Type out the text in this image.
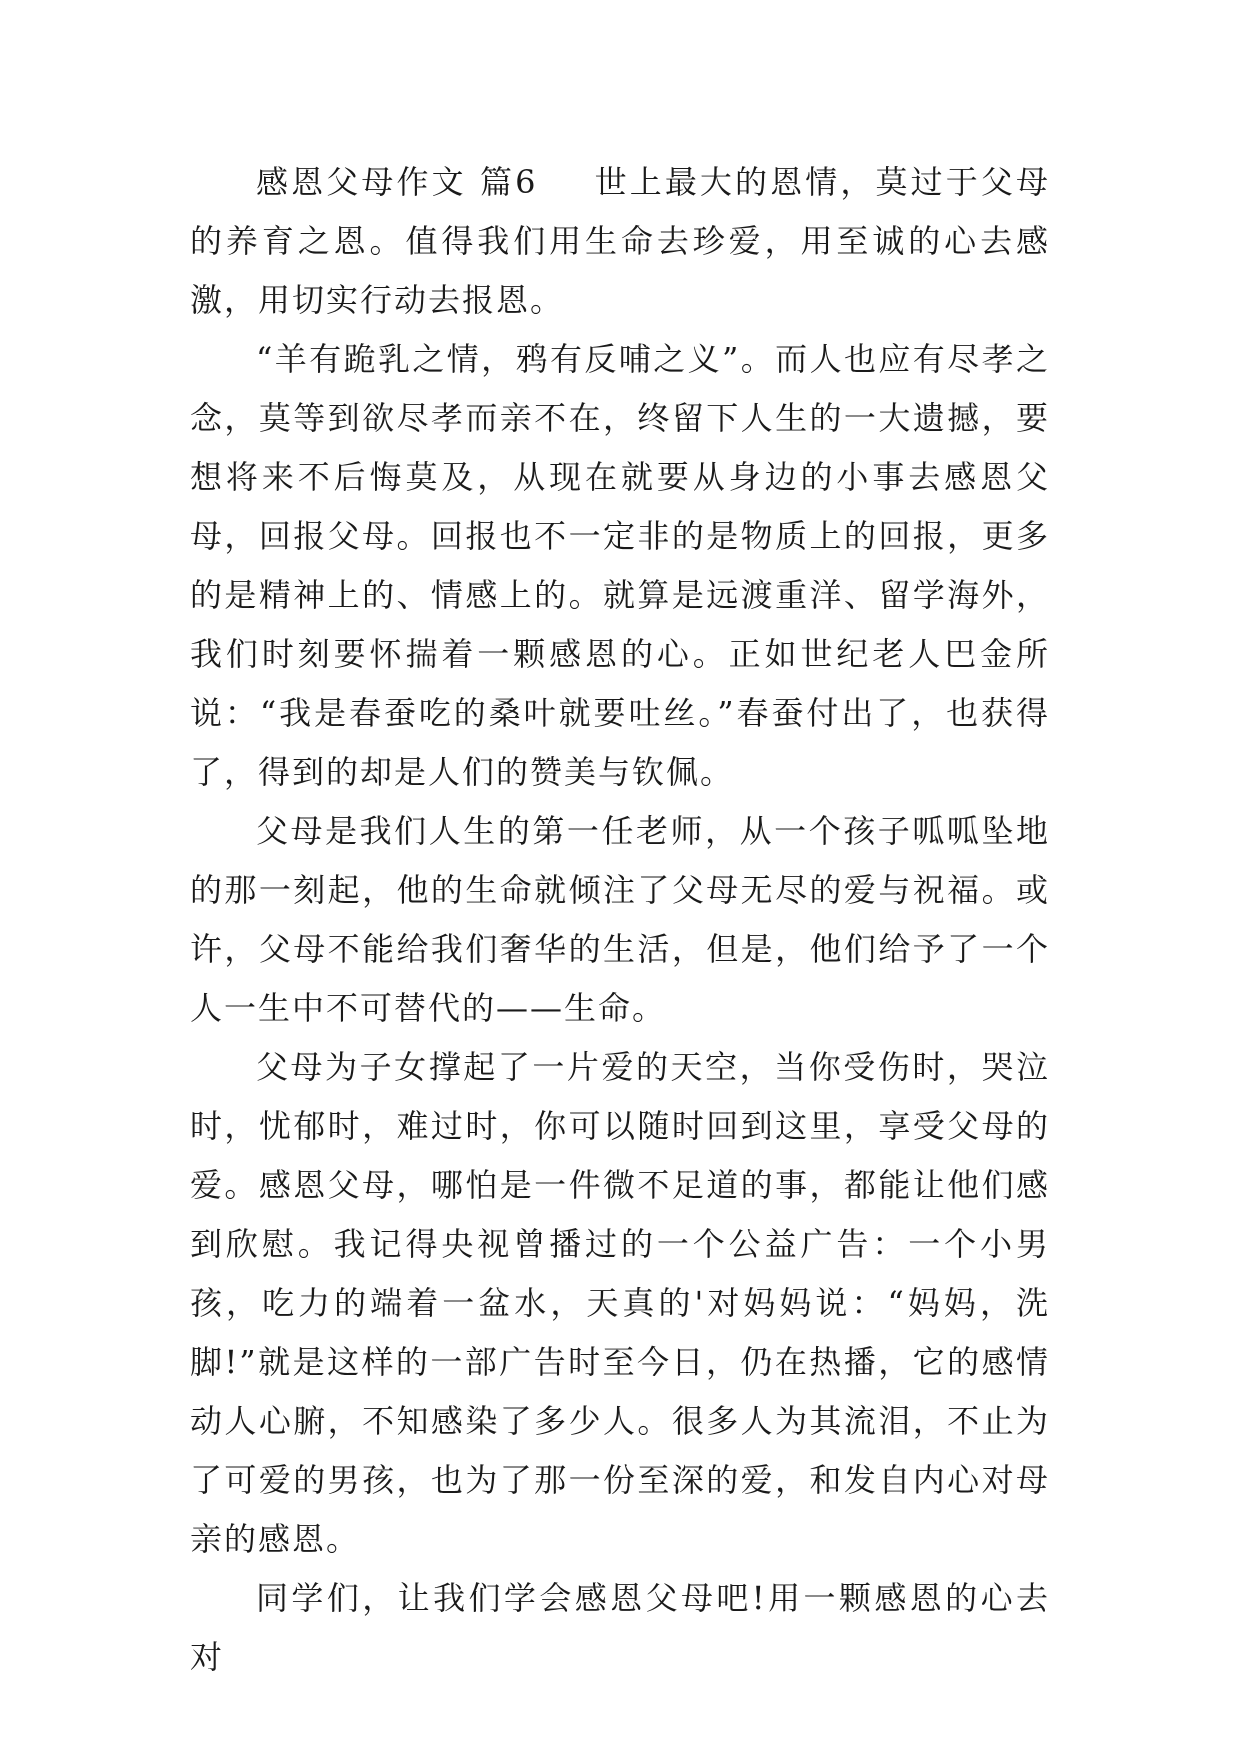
感恩父母作文 篇6 世上最大的恩情，莫过于父母的养育之恩。值得我们用生命去珍爱，用至诚的心去感激，用切实行动去报恩。

“羊有跪乳之情，鸦有反哺之义”。而人也应有尽孝之念，莫等到欲尽孝而亲不在，终留下人生的一大遗撼，要想将来不后悔莫及，从现在就要从身边的小事去感恩父母，回报父母。回报也不一定非的是物质上的回报，更多的是精神上的、情感上的。就算是远渡重洋、留学海外，我们时刻要怀揣着一颗感恩的心。正如世纪老人巴金所说：“我是春蚕吃的桑叶就要吐丝。”春蚕付出了，也获得了，得到的却是人们的赞美与钦佩。

父母是我们人生的第一任老师，从一个孩子呱呱坠地的那一刻起，他的生命就倾注了父母无尽的爱与祝福。或许，父母不能给我们奢华的生活，但是，他们给予了一个人一生中不可替代的——生命。

父母为子女撑起了一片爱的天空，当你受伤时，哭泣时，忧郁时，难过时，你可以随时回到这里，享受父母的爱。感恩父母，哪怕是一件微不足道的事，都能让他们感到欣慰。我记得央视曾播过的一个公益广告：一个小男孩，吃力的端着一盆水，天真的'对妈妈说：“妈妈，洗脚!”就是这样的一部广告时至今日，仍在热播，它的感情动人心腑，不知感染了多少人。很多人为其流泪，不止为了可爱的男孩，也为了那一份至深的爱，和发自内心对母亲的感恩。

同学们，让我们学会感恩父母吧!用一颗感恩的心去对
